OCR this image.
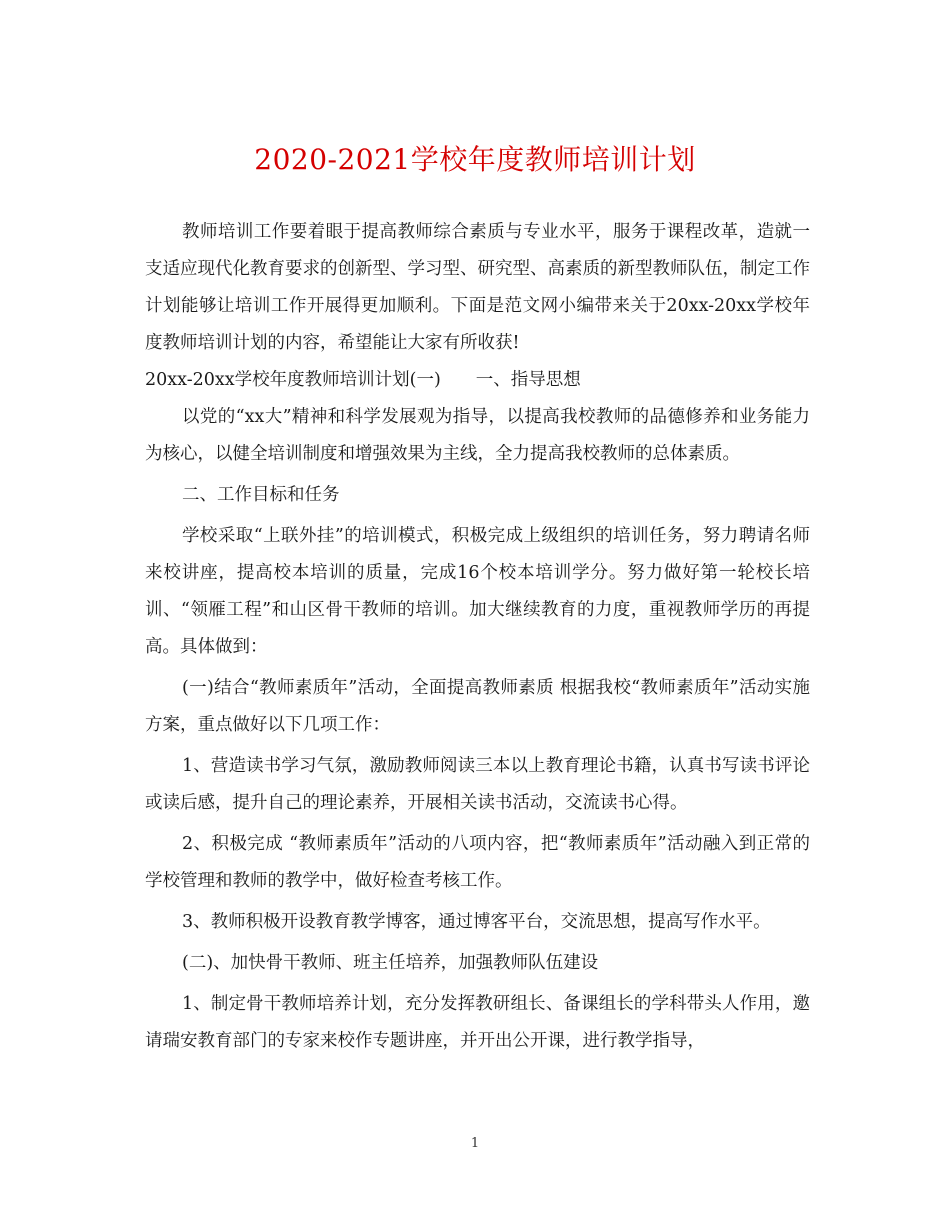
2020-2021学校年度教师培训计划

教师培训工作要着眼于提高教师综合素质与专业水平，服务于课程改革，造就一支适应现代化教育要求的创新型、学习型、研究型、高素质的新型教师队伍，制定工作计划能够让培训工作开展得更加顺利。下面是范文网小编带来关于20xx-20xx学校年度教师培训计划的内容，希望能让大家有所收获!

20xx-20xx学校年度教师培训计划(一)　　一、指导思想

以党的“xx大”精神和科学发展观为指导，以提高我校教师的品德修养和业务能力为核心，以健全培训制度和增强效果为主线，全力提高我校教师的总体素质。

二、工作目标和任务

学校采取“上联外挂”的培训模式，积极完成上级组织的培训任务，努力聘请名师来校讲座，提高校本培训的质量，完成16个校本培训学分。努力做好第一轮校长培训、“领雁工程”和山区骨干教师的培训。加大继续教育的力度，重视教师学历的再提高。具体做到：

(一)结合“教师素质年”活动，全面提高教师素质 根据我校“教师素质年”活动实施方案，重点做好以下几项工作：

1、营造读书学习气氛，激励教师阅读三本以上教育理论书籍，认真书写读书评论或读后感，提升自己的理论素养，开展相关读书活动，交流读书心得。

2、积极完成 “教师素质年”活动的八项内容，把“教师素质年”活动融入到正常的学校管理和教师的教学中，做好检查考核工作。

3、教师积极开设教育教学博客，通过博客平台，交流思想，提高写作水平。

(二)、加快骨干教师、班主任培养，加强教师队伍建设

1、制定骨干教师培养计划，充分发挥教研组长、备课组长的学科带头人作用，邀请瑞安教育部门的专家来校作专题讲座，并开出公开课，进行教学指导，

1
